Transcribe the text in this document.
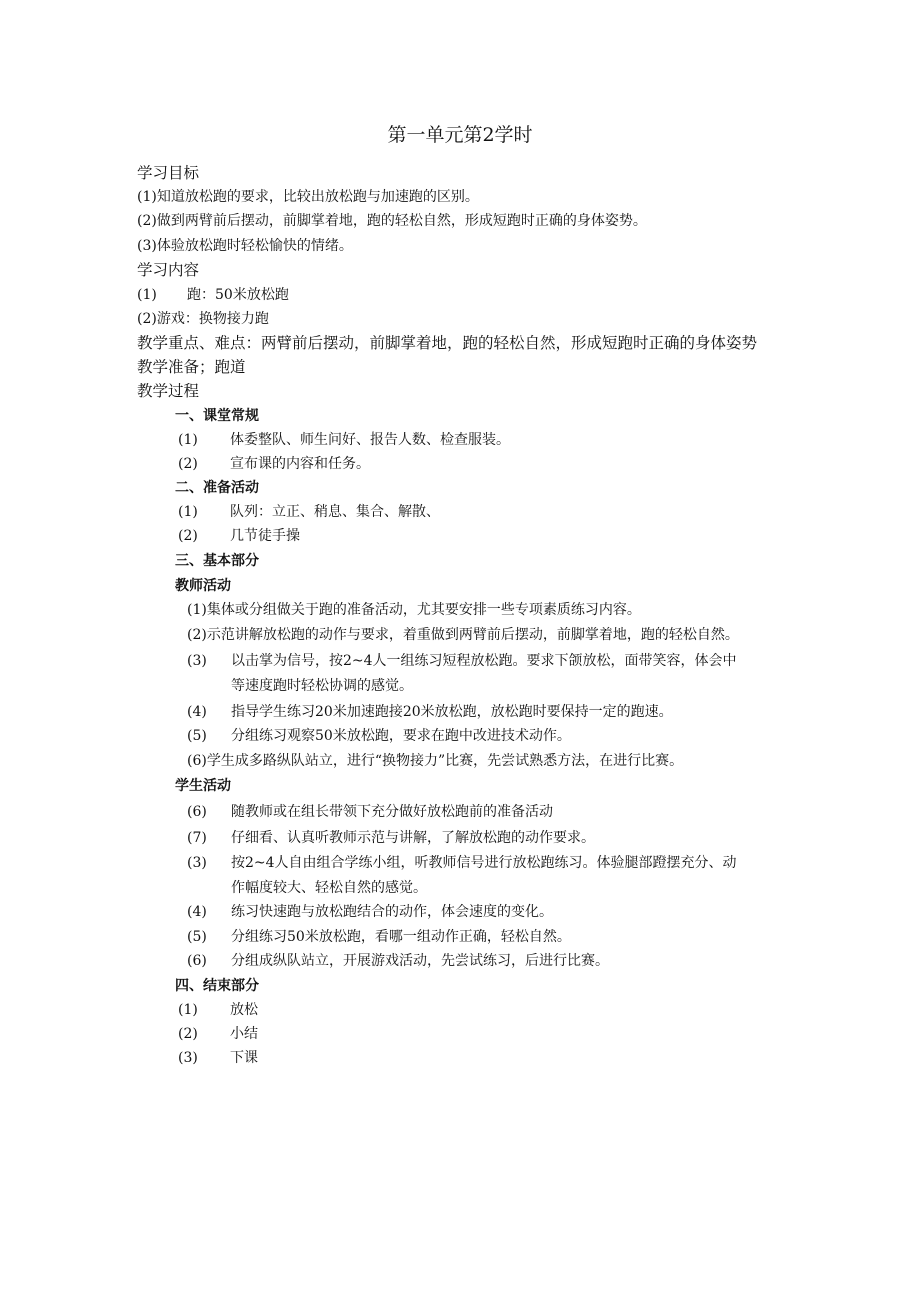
第一单元第2学时
学习目标
(1)知道放松跑的要求，比较出放松跑与加速跑的区别。
(2)做到两臂前后摆动，前脚掌着地，跑的轻松自然，形成短跑时正确的身体姿势。
(3)体验放松跑时轻松愉快的情绪。
学习内容
(1) 跑：50米放松跑
(2)游戏：换物接力跑
教学重点、难点：两臂前后摆动，前脚掌着地，跑的轻松自然，形成短跑时正确的身体姿势
教学准备；跑道
教学过程
一、课堂常规
(1) 体委整队、师生问好、报告人数、检查服装。
(2) 宣布课的内容和任务。
二、准备活动
(1) 队列：立正、稍息、集合、解散、
(2) 几节徒手操
三、基本部分
教师活动
(1)集体或分组做关于跑的准备活动，尤其要安排一些专项素质练习内容。
(2)示范讲解放松跑的动作与要求，着重做到两臂前后摆动，前脚掌着地，跑的轻松自然。
(3) 以击掌为信号，按2~4人一组练习短程放松跑。要求下颌放松，面带笑容，体会中
等速度跑时轻松协调的感觉。
(4) 指导学生练习20米加速跑接20米放松跑，放松跑时要保持一定的跑速。
(5) 分组练习观察50米放松跑，要求在跑中改进技术动作。
(6)学生成多路纵队站立，进行“换物接力”比赛，先尝试熟悉方法，在进行比赛。
学生活动
(6) 随教师或在组长带领下充分做好放松跑前的准备活动
(7) 仔细看、认真听教师示范与讲解，了解放松跑的动作要求。
(3) 按2~4人自由组合学练小组，听教师信号进行放松跑练习。体验腿部蹬摆充分、动
作幅度较大、轻松自然的感觉。
(4) 练习快速跑与放松跑结合的动作，体会速度的变化。
(5) 分组练习50米放松跑，看哪一组动作正确，轻松自然。
(6) 分组成纵队站立，开展游戏活动，先尝试练习，后进行比赛。
四、结束部分
(1) 放松
(2) 小结
(3) 下课
